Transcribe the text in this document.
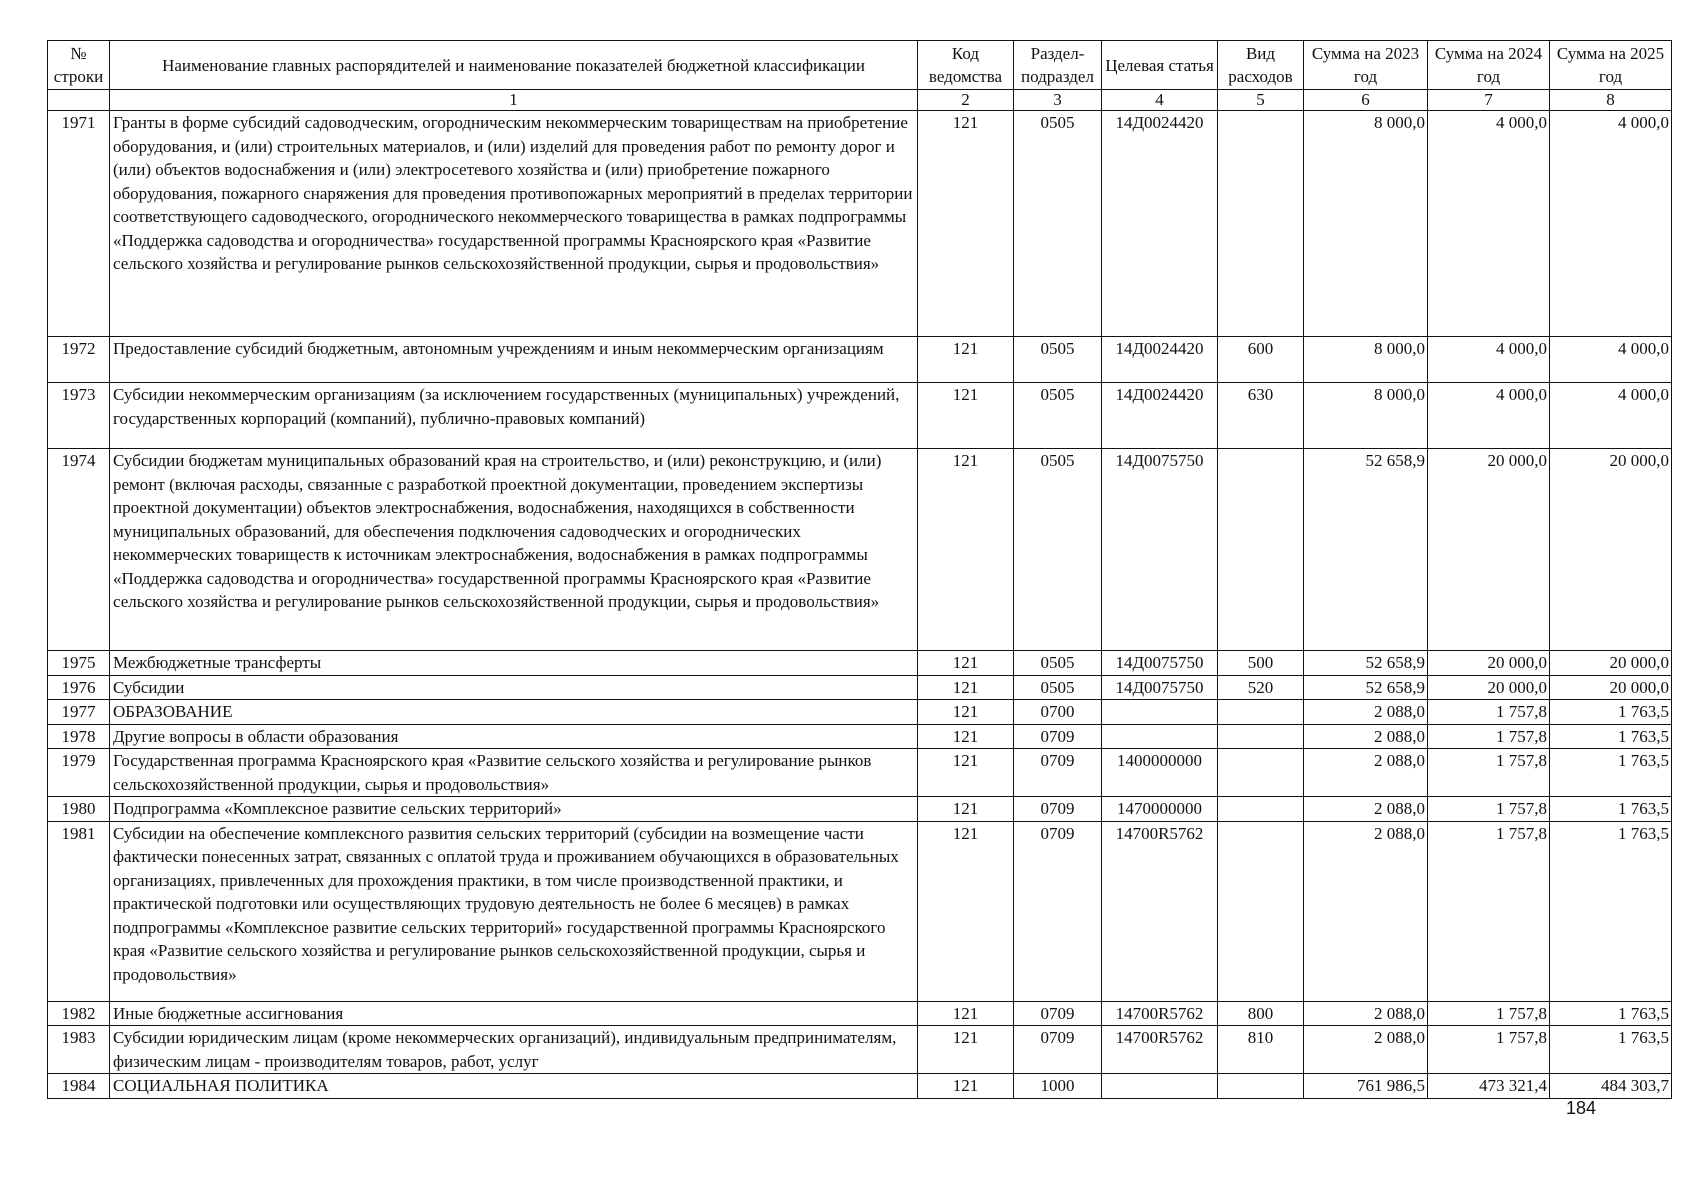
№ строки	Наименование главных распорядителей и наименование показателей бюджетной классификации	Код ведомства	Раздел-подраздел	Целевая статья	Вид расходов	Сумма на 2023 год	Сумма на 2024 год	Сумма на 2025 год
	1	2	3	4	5	6	7	8
1971	Гранты в форме субсидий садоводческим, огородническим некоммерческим товариществам на приобретение оборудования, и (или) строительных материалов, и (или) изделий для проведения работ по ремонту дорог и (или) объектов водоснабжения и (или) электросетевого хозяйства и (или) приобретение пожарного оборудования, пожарного снаряжения для проведения противопожарных мероприятий в пределах территории соответствующего садоводческого, огороднического некоммерческого товарищества в рамках подпрограммы «Поддержка садоводства и огородничества» государственной программы Красноярского края «Развитие сельского хозяйства и регулирование рынков сельскохозяйственной продукции, сырья и продовольствия»	121	0505	14Д0024420		8 000,0	4 000,0	4 000,0
1972	Предоставление субсидий бюджетным, автономным учреждениям и иным некоммерческим организациям	121	0505	14Д0024420	600	8 000,0	4 000,0	4 000,0
1973	Субсидии некоммерческим организациям (за исключением государственных (муниципальных) учреждений, государственных корпораций (компаний), публично-правовых компаний)	121	0505	14Д0024420	630	8 000,0	4 000,0	4 000,0
1974	Субсидии бюджетам муниципальных образований края на строительство, и (или) реконструкцию, и (или) ремонт (включая расходы, связанные с разработкой проектной документации, проведением экспертизы проектной документации) объектов электроснабжения, водоснабжения, находящихся в собственности муниципальных образований, для обеспечения подключения садоводческих и огороднических некоммерческих товариществ к источникам электроснабжения, водоснабжения в рамках подпрограммы «Поддержка садоводства и огородничества» государственной программы Красноярского края «Развитие сельского хозяйства и регулирование рынков сельскохозяйственной продукции, сырья и продовольствия»	121	0505	14Д0075750		52 658,9	20 000,0	20 000,0
1975	Межбюджетные трансферты	121	0505	14Д0075750	500	52 658,9	20 000,0	20 000,0
1976	Субсидии	121	0505	14Д0075750	520	52 658,9	20 000,0	20 000,0
1977	ОБРАЗОВАНИЕ	121	0700			2 088,0	1 757,8	1 763,5
1978	Другие вопросы в области образования	121	0709			2 088,0	1 757,8	1 763,5
1979	Государственная программа Красноярского края «Развитие сельского хозяйства и регулирование рынков сельскохозяйственной продукции, сырья и продовольствия»	121	0709	1400000000		2 088,0	1 757,8	1 763,5
1980	Подпрограмма «Комплексное развитие сельских территорий»	121	0709	1470000000		2 088,0	1 757,8	1 763,5
1981	Субсидии на обеспечение комплексного развития сельских территорий (субсидии на возмещение части фактически понесенных затрат, связанных с оплатой труда и проживанием обучающихся в образовательных организациях, привлеченных для прохождения практики, в том числе производственной практики, и практической подготовки или осуществляющих трудовую деятельность не более 6 месяцев) в рамках подпрограммы «Комплексное развитие сельских территорий» государственной программы Красноярского края «Развитие сельского хозяйства и регулирование рынков сельскохозяйственной продукции, сырья и продовольствия»	121	0709	14700R5762		2 088,0	1 757,8	1 763,5
1982	Иные бюджетные ассигнования	121	0709	14700R5762	800	2 088,0	1 757,8	1 763,5
1983	Субсидии юридическим лицам (кроме некоммерческих организаций), индивидуальным предпринимателям, физическим лицам - производителям товаров, работ, услуг	121	0709	14700R5762	810	2 088,0	1 757,8	1 763,5
1984	СОЦИАЛЬНАЯ ПОЛИТИКА	121	1000			761 986,5	473 321,4	484 303,7
184
